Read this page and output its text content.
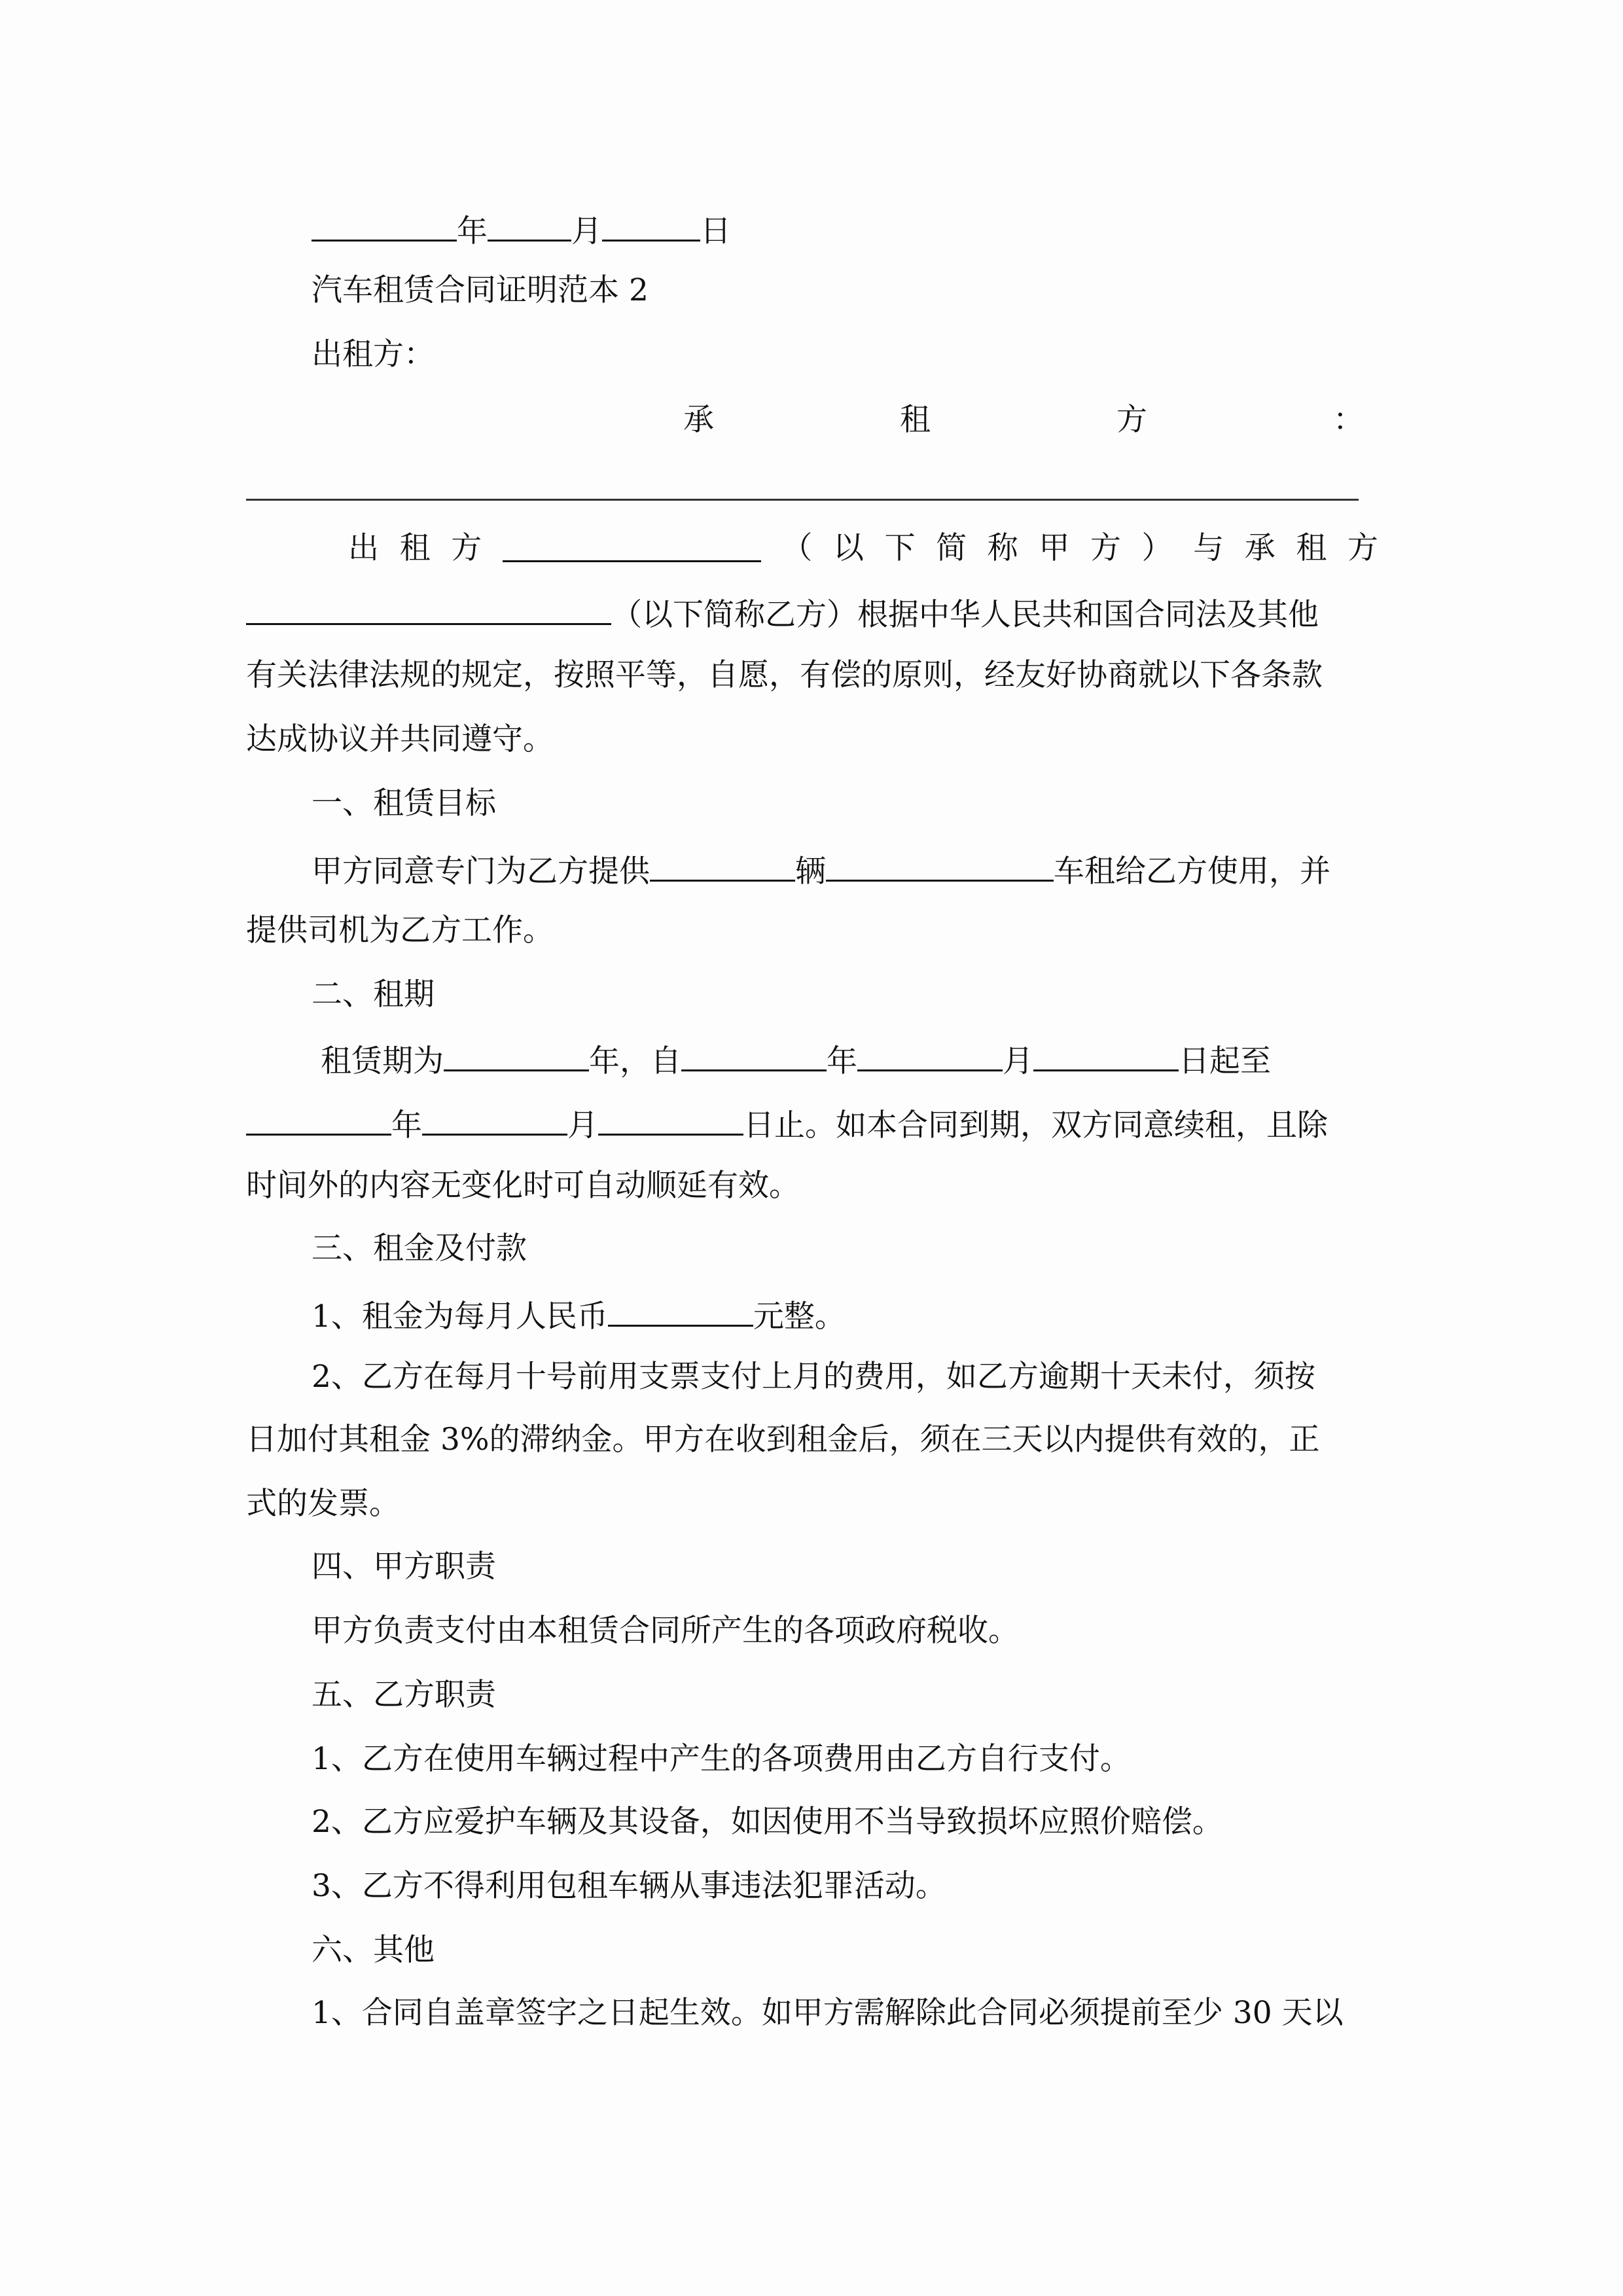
年	月	日
汽车租赁合同证明范本 2
出租方：
承	租	方	：
出 租 方	（ 以 下 简 称 甲 方 ） 与 承 租 方
（以下简称乙方）根据中华人民共和国合同法及其他
有关法律法规的规定，按照平等，自愿，有偿的原则，经友好协商就以下各条款
达成协议并共同遵守。
一、租赁目标
甲方同意专门为乙方提供	辆	车租给乙方使用，并
提供司机为乙方工作。
二、租期
租赁期为	年，自	年	月	日起至
年	月	日止。如本合同到期，双方同意续租，且除
时间外的内容无变化时可自动顺延有效。
三、租金及付款
1、租金为每月人民币	元整。
2、乙方在每月十号前用支票支付上月的费用，如乙方逾期十天未付，须按
日加付其租金 3%的滞纳金。甲方在收到租金后，须在三天以内提供有效的，正
式的发票。
四、甲方职责
甲方负责支付由本租赁合同所产生的各项政府税收。
五、乙方职责
1、乙方在使用车辆过程中产生的各项费用由乙方自行支付。
2、乙方应爱护车辆及其设备，如因使用不当导致损坏应照价赔偿。
3、乙方不得利用包租车辆从事违法犯罪活动。
六、其他
1、合同自盖章签字之日起生效。如甲方需解除此合同必须提前至少 30 天以
